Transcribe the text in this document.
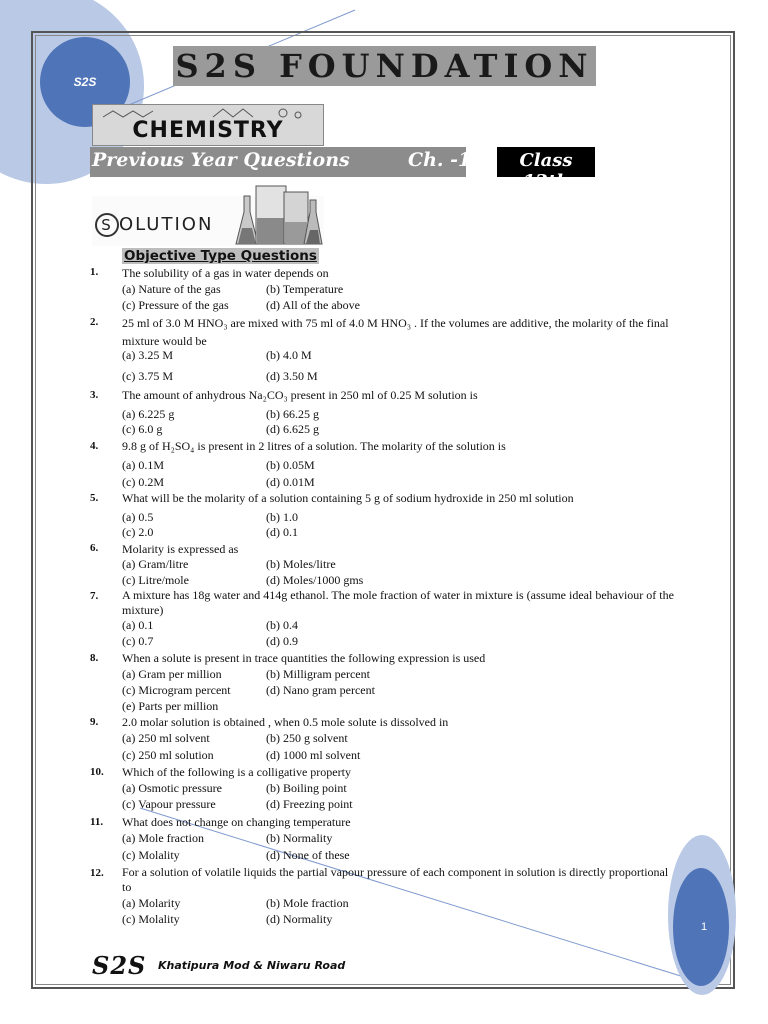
S2S
1
S2S FOUNDATION
CHEMISTRY
Previous Year Questions	Ch. -1	Class 12th
S OLUTION
Objective Type Questions
1. The solubility of a gas in water depends on
(a) Nature of the gas	(b) Temperature
(c) Pressure of the gas	(d) All of the above
2. 25 ml of 3.0 M HNO₃ are mixed with 75 ml of 4.0 M HNO₃ . If the volumes are additive, the molarity of the final mixture would be
(a) 3.25 M	(b) 4.0 M
(c) 3.75 M	(d) 3.50 M
3. The amount of anhydrous Na₂CO₃ present in 250 ml of 0.25 M solution is
(a) 6.225 g	(b) 66.25 g
(c) 6.0 g	(d) 6.625 g
4. 9.8 g of H₂SO₄ is present in 2 litres of a solution. The molarity of the solution is
(a) 0.1M	(b) 0.05M
(c) 0.2M	(d) 0.01M
5. What will be the molarity of a solution containing 5 g of sodium hydroxide in 250 ml solution
(a) 0.5	(b) 1.0
(c) 2.0	(d) 0.1
6. Molarity is expressed as
(a) Gram/litre	(b) Moles/litre
(c) Litre/mole	(d) Moles/1000 gms
7. A mixture has 18g water and 414g ethanol. The mole fraction of water in mixture is (assume ideal behaviour of the mixture)
(a) 0.1	(b) 0.4
(c) 0.7	(d) 0.9
8. When a solute is present in trace quantities the following expression is used
(a) Gram per million	(b) Milligram percent
(c) Microgram percent	(d) Nano gram percent
(e) Parts per million
9. 2.0 molar solution is obtained , when 0.5 mole solute is dissolved in
(a) 250 ml solvent	(b) 250 g solvent
(c) 250 ml solution	(d) 1000 ml solvent
10. Which of the following is a colligative property
(a) Osmotic pressure	(b) Boiling point
(c) Vapour pressure	(d) Freezing point
11. What does not change on changing temperature
(a) Mole fraction	(b) Normality
(c) Molality	(d) None of these
12. For a solution of volatile liquids the partial vapour pressure of each component in solution is directly proportional to
(a) Molarity	(b) Mole fraction
(c) Molality	(d) Normality
S2S Khatipura Mod & Niwaru Road
